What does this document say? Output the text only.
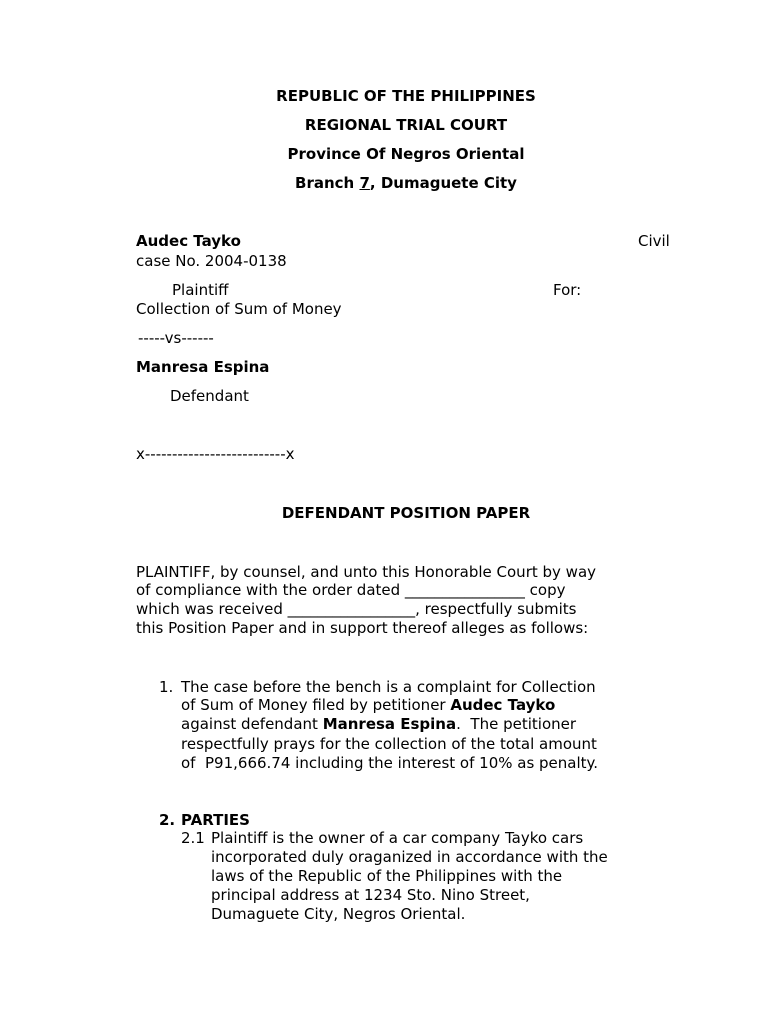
REPUBLIC OF THE PHILIPPINES
REGIONAL TRIAL COURT
Province Of Negros Oriental
Branch 7, Dumaguete City
Audec Tayko	Civil
case No. 2004-0138
Plaintiff	For:
Collection of Sum of Money
-----vs------
Manresa Espina
Defendant
x--------------------------x
DEFENDANT POSITION PAPER
PLAINTIFF, by counsel, and unto this Honorable Court by way
of compliance with the order dated ________________ copy
which was received _________________, respectfully submits
this Position Paper and in support thereof alleges as follows:
1. The case before the bench is a complaint for Collection
of Sum of Money filed by petitioner Audec Tayko
against defendant Manresa Espina.  The petitioner
respectfully prays for the collection of the total amount
of  P91,666.74 including the interest of 10% as penalty.
2. PARTIES
2.1 Plaintiff is the owner of a car company Tayko cars
incorporated duly oraganized in accordance with the
laws of the Republic of the Philippines with the
principal address at 1234 Sto. Nino Street,
Dumaguete City, Negros Oriental.
